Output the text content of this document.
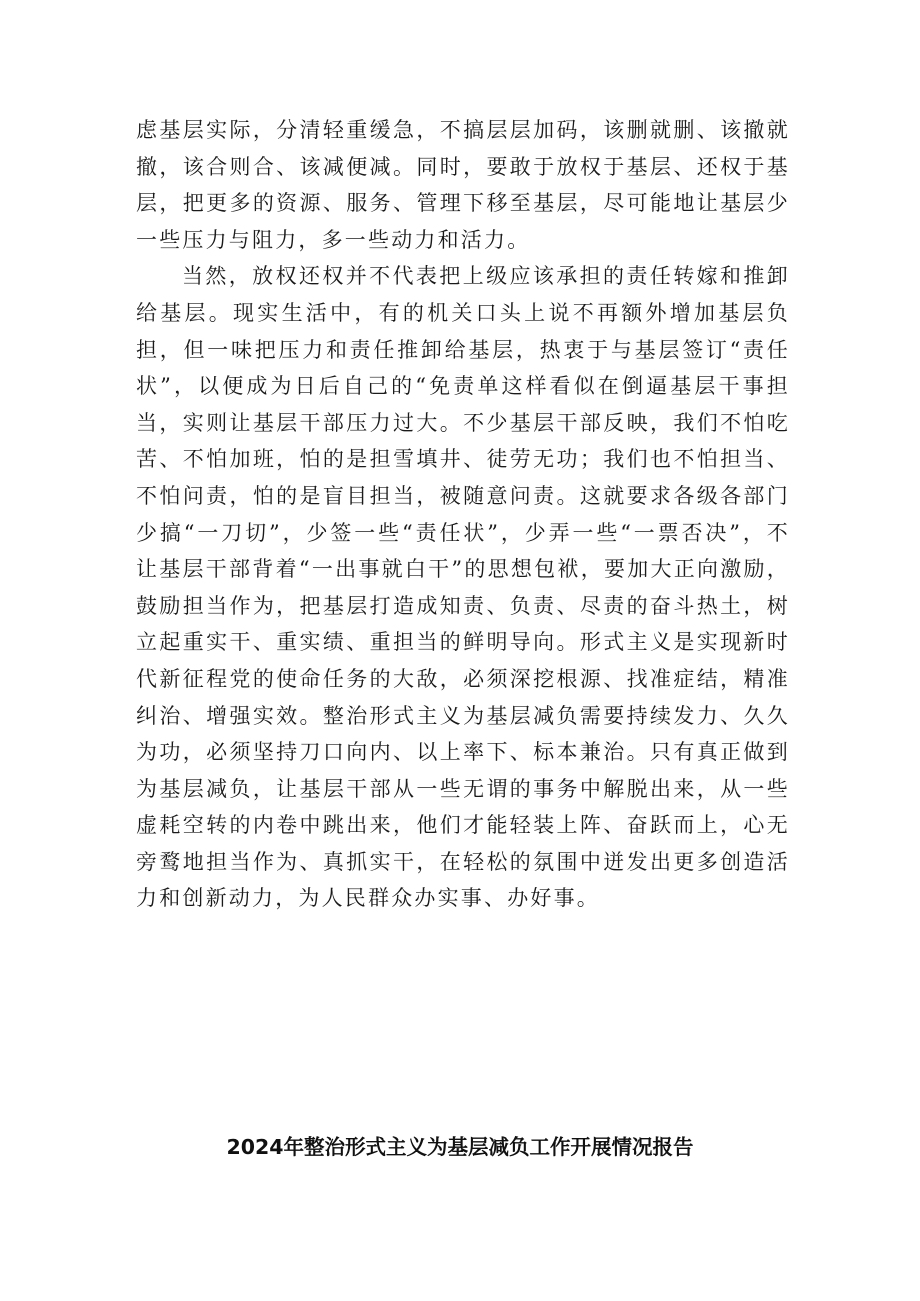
虑基层实际，分清轻重缓急，不搞层层加码，该删就删、该撤就撤，该合则合、该减便减。同时，要敢于放权于基层、还权于基层，把更多的资源、服务、管理下移至基层，尽可能地让基层少一些压力与阻力，多一些动力和活力。

当然，放权还权并不代表把上级应该承担的责任转嫁和推卸给基层。现实生活中，有的机关口头上说不再额外增加基层负担，但一味把压力和责任推卸给基层，热衷于与基层签订“责任状”，以便成为日后自己的“免责单这样看似在倒逼基层干事担当，实则让基层干部压力过大。不少基层干部反映，我们不怕吃苦、不怕加班，怕的是担雪填井、徒劳无功；我们也不怕担当、不怕问责，怕的是盲目担当，被随意问责。这就要求各级各部门少搞“一刀切”，少签一些“责任状”，少弄一些“一票否决”，不让基层干部背着“一出事就白干”的思想包袱，要加大正向激励，鼓励担当作为，把基层打造成知责、负责、尽责的奋斗热土，树立起重实干、重实绩、重担当的鲜明导向。形式主义是实现新时代新征程党的使命任务的大敌，必须深挖根源、找准症结，精准纠治、增强实效。整治形式主义为基层减负需要持续发力、久久为功，必须坚持刀口向内、以上率下、标本兼治。只有真正做到为基层减负，让基层干部从一些无谓的事务中解脱出来，从一些虚耗空转的内卷中跳出来，他们才能轻装上阵、奋跃而上，心无旁鹜地担当作为、真抓实干，在轻松的氛围中迸发出更多创造活力和创新动力，为人民群众办实事、办好事。

2024年整治形式主义为基层减负工作开展情况报告
